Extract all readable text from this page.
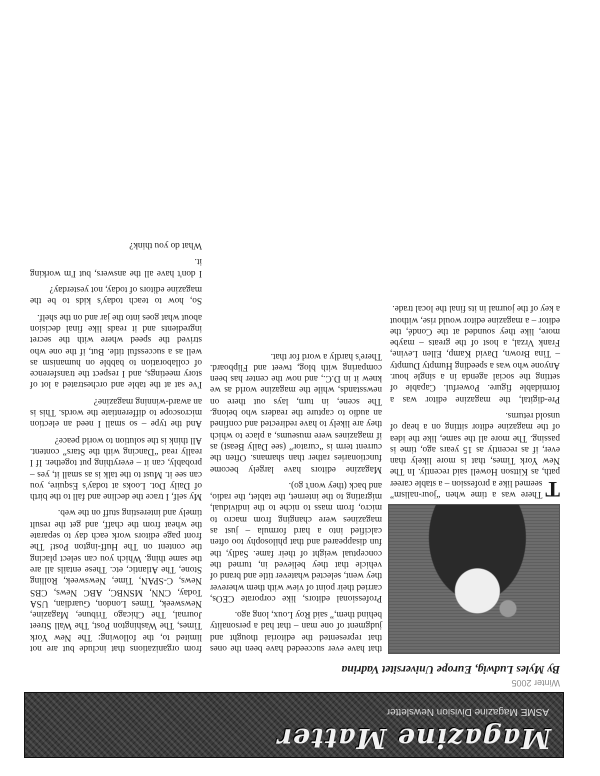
Magazine Matter
ASME Magazine Division Newsletter
Winter 2005
By Myles Ludwig, Europe Universitet Vadrina

T
There was a time when “jour-nalism” seemed like a profession – a stable career path, as Kittson Howell said recently. In The New York Times, that is more likely than ever, if as recently as 15 years ago, time is passing. The more all the same, like the idea of the magazine editor sitting on a heap of unsold returns.

Pre-digital, the magazine editor was a formidable figure. Powerful. Capable of setting the social agenda in a single hour. Anyone who was a speeding Humpty Dumpty – Tina Brown, David Kamp, Ellen Levine, Frank Vrzal, a host of the greats – maybe more, like they sounded at the Condé, the editor – a magazine editor would rise, without a key of the journal in its final the local trade.

that have ever succeeded have been the ones that represented the editorial thought and judgment of one man – that had a personality behind them,” said Roy Loux, long ago.

Professional editors, like corporate CEOs, carried their point of view with them wherever they went, selected whatever title and brand of vehicle that they believed in, turned the conceptual weight of their fame. Sadly, the fun disappeared and that philosophy too often calcified into a hard formula – just as magazines were changing from macro to micro, from mass to niche to the individual, migrating to the internet, the tablet, the radio, and back (they won't go).

Magazine editors have largely become functionaries rather than shamans. Often the current term is “curator” (see Daily Beast) as if magazines were museums, a place to which they are likely to have redirected and confined an audio to capture the readers who belong. The scene, in turn, lays out there on newsstands, while the magazine world as we knew it in D.C., and now the center has been comparing with blog, tweet and Flipboard. There's hardly a word for that.

from organizations that include but are not limited to, the following: The New York Times, The Washington Post, The Wall Street Journal, The Chicago Tribune, Magazine, Newsweek, Times London, Guardian, USA Today, CNN, MSNBC, ABC News, CBS News, C-SPAN, Time, Newsweek, Rolling Stone, The Atlantic, etc. These entails all are the same thing. Which you can select placing the content on The Huff-ington Post! The front page editors work each day to separate the wheat from the chaff, and get the result timely and interesting stuff on the web.

My self, I trace the decline and fall to the birth of Daily Dot. Looks at today's Esquire, you can see it. Must to the talk is as small it, yes – probably, can it – everything put together. If I really read “Dancing with the Stars” content. All think is the solution to world peace?

And the type – so small I need an election microscope to differentiate the words. This is an award-winning magazine?

I've sat at the table and orchestrated a lot of story meetings, and I respect the transference of collaboration to babble on humanism as well as a successful title. But, if the one who strived the speed where with the secret ingredients and it reads like final decision about what goes into the jar and on the shelf.

So, how to teach today's kids to be the magazine editors of today, not yesterday?

I don't have all the answers, but I'm working it.

What do you think?
